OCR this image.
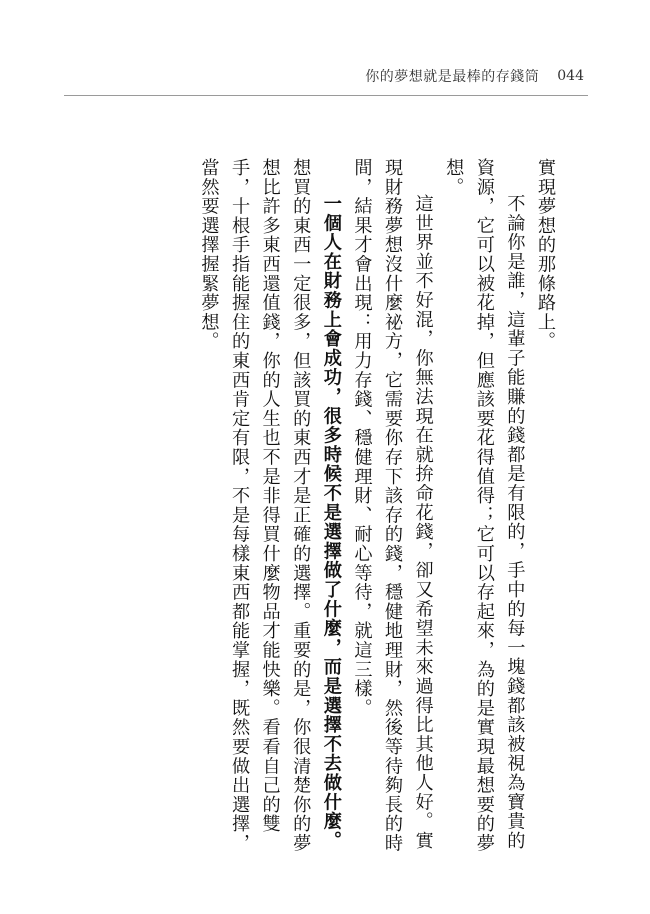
你的夢想就是最棒的存錢筒 044

實現夢想的那條路上。

不論你是誰，這輩子能賺的錢都是有限的，手中的每一塊錢都該被視為寶貴的資源，它可以被花掉，但應該要花得值得；它可以存起來，為的是實現最想要的夢想。

這世界並不好混，你無法現在就拚命花錢，卻又希望未來過得比其他人好。實現財務夢想沒什麼祕方，它需要你存下該存的錢，穩健地理財，然後等待夠長的時間，結果才會出現：用力存錢、穩健理財、耐心等待，就這三樣。

一個人在財務上會成功，很多時候不是選擇做了什麼，而是選擇不去做什麼。想買的東西一定很多，但該買的東西才是正確的選擇。重要的是，你很清楚你的夢想比許多東西還值錢，你的人生也不是非得買什麼物品才能快樂。看看自己的雙手，十根手指能握住的東西肯定有限，不是每樣東西都能掌握，既然要做出選擇，當然要選擇握緊夢想。
